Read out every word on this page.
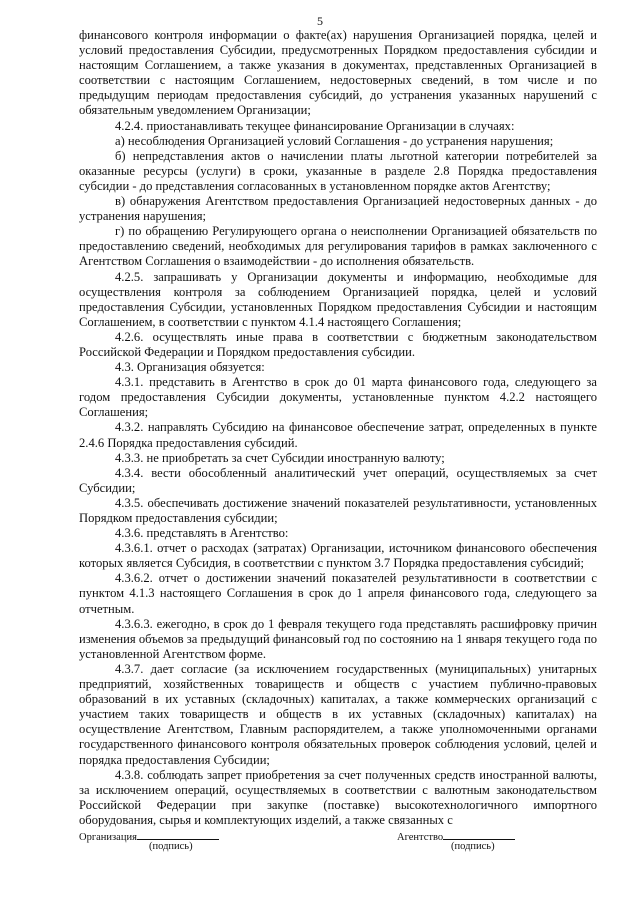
5

финансового контроля информации о факте(ах) нарушения Организацией порядка, целей и условий предоставления Субсидии, предусмотренных Порядком предоставления субсидии и настоящим Соглашением, а также указания в документах, представленных Организацией в соответствии с настоящим Соглашением, недостоверных сведений, в том числе и по предыдущим периодам предоставления субсидий, до устранения указанных нарушений с обязательным уведомлением Организации;

4.2.4. приостанавливать текущее финансирование Организации в случаях:

а) несоблюдения Организацией условий Соглашения - до устранения нарушения;

б) непредставления актов о начислении платы льготной категории потребителей за оказанные ресурсы (услуги) в сроки, указанные в разделе 2.8 Порядка предоставления субсидии - до представления согласованных в установленном порядке актов Агентству;

в) обнаружения Агентством предоставления Организацией недостоверных данных - до устранения нарушения;

г) по обращению Регулирующего органа о неисполнении Организацией обязательств по предоставлению сведений, необходимых для регулирования тарифов в рамках заключенного с Агентством Соглашения о взаимодействии - до исполнения обязательств.

4.2.5. запрашивать у Организации документы и информацию, необходимые для осуществления контроля за соблюдением Организацией порядка, целей и условий предоставления Субсидии, установленных Порядком предоставления Субсидии и настоящим Соглашением, в соответствии с пунктом 4.1.4 настоящего Соглашения;

4.2.6. осуществлять иные права в соответствии с бюджетным законодательством Российской Федерации и Порядком предоставления субсидии.

4.3. Организация обязуется:

4.3.1. представить в Агентство в срок до 01 марта финансового года, следующего за годом предоставления Субсидии документы, установленные пунктом 4.2.2 настоящего Соглашения;

4.3.2. направлять Субсидию на финансовое обеспечение затрат, определенных в пункте 2.4.6 Порядка предоставления субсидий.

4.3.3. не приобретать за счет Субсидии иностранную валюту;

4.3.4. вести обособленный аналитический учет операций, осуществляемых за счет Субсидии;

4.3.5. обеспечивать достижение значений показателей результативности, установленных Порядком предоставления субсидии;

4.3.6. представлять в Агентство:

4.3.6.1. отчет о расходах (затратах) Организации, источником финансового обеспечения которых является Субсидия, в соответствии с пунктом 3.7 Порядка предоставления субсидий;

4.3.6.2. отчет о достижении значений показателей результативности в соответствии с пунктом 4.1.3 настоящего Соглашения в срок до 1 апреля финансового года, следующего за отчетным.

4.3.6.3. ежегодно, в срок до 1 февраля текущего года представлять расшифровку причин изменения объемов за предыдущий финансовый год по состоянию на 1 января текущего года по установленной Агентством форме.

4.3.7. дает согласие (за исключением государственных (муниципальных) унитарных предприятий, хозяйственных товариществ и обществ с участием публично-правовых образований в их уставных (складочных) капиталах, а также коммерческих организаций с участием таких товариществ и обществ в их уставных (складочных) капиталах) на осуществление Агентством, Главным распорядителем, а также уполномоченными органами государственного финансового контроля обязательных проверок соблюдения условий, целей и порядка предоставления Субсидии;

4.3.8. соблюдать запрет приобретения за счет полученных средств иностранной валюты, за исключением операций, осуществляемых в соответствии с валютным законодательством Российской Федерации при закупке (поставке) высокотехнологичного импортного оборудования, сырья и комплектующих изделий, а также связанных с

Организация
(подпись)
Агентство
(подпись)
